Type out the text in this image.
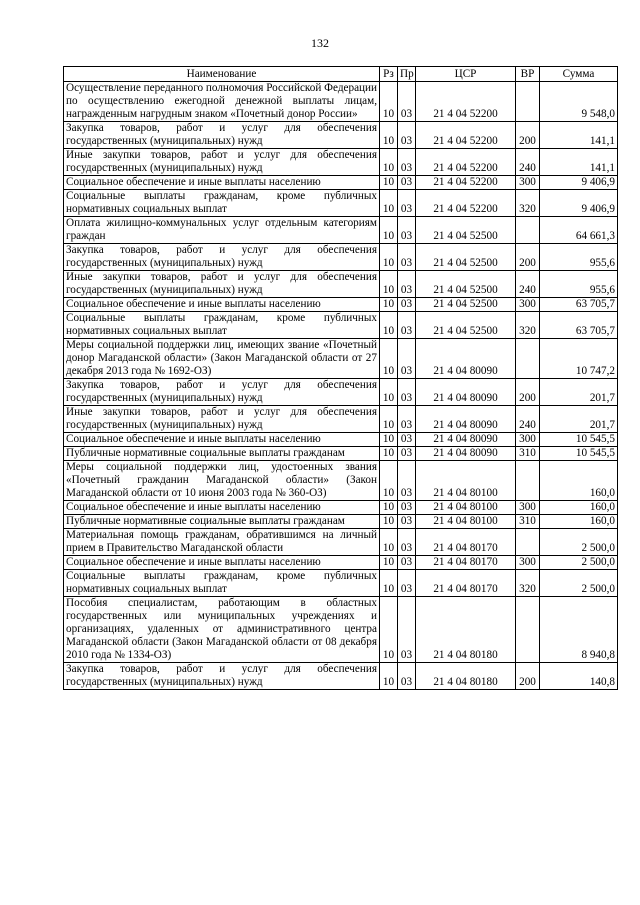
132
Наименование	Рз	Пр	ЦСР	ВР	Сумма
Осуществление переданного полномочия Российской Федерации по осуществлению ежегодной денежной выплаты лицам, награжденным нагрудным знаком «Почетный донор России»	10	03	21 4 04 52200		9 548,0
Закупка товаров, работ и услуг для обеспечения государственных (муниципальных) нужд	10	03	21 4 04 52200	200	141,1
Иные закупки товаров, работ и услуг для обеспечения государственных (муниципальных) нужд	10	03	21 4 04 52200	240	141,1
Социальное обеспечение и иные выплаты населению	10	03	21 4 04 52200	300	9 406,9
Социальные выплаты гражданам, кроме публичных нормативных социальных выплат	10	03	21 4 04 52200	320	9 406,9
Оплата жилищно-коммунальных услуг отдельным категориям граждан	10	03	21 4 04 52500		64 661,3
Закупка товаров, работ и услуг для обеспечения государственных (муниципальных) нужд	10	03	21 4 04 52500	200	955,6
Иные закупки товаров, работ и услуг для обеспечения государственных (муниципальных) нужд	10	03	21 4 04 52500	240	955,6
Социальное обеспечение и иные выплаты населению	10	03	21 4 04 52500	300	63 705,7
Социальные выплаты гражданам, кроме публичных нормативных социальных выплат	10	03	21 4 04 52500	320	63 705,7
Меры социальной поддержки лиц, имеющих звание «Почетный донор Магаданской области» (Закон Магаданской области от 27 декабря 2013 года № 1692-ОЗ)	10	03	21 4 04 80090		10 747,2
Закупка товаров, работ и услуг для обеспечения государственных (муниципальных) нужд	10	03	21 4 04 80090	200	201,7
Иные закупки товаров, работ и услуг для обеспечения государственных (муниципальных) нужд	10	03	21 4 04 80090	240	201,7
Социальное обеспечение и иные выплаты населению	10	03	21 4 04 80090	300	10 545,5
Публичные нормативные социальные выплаты гражданам	10	03	21 4 04 80090	310	10 545,5
Меры социальной поддержки лиц, удостоенных звания «Почетный гражданин Магаданской области» (Закон Магаданской области от 10 июня 2003 года № 360-ОЗ)	10	03	21 4 04 80100		160,0
Социальное обеспечение и иные выплаты населению	10	03	21 4 04 80100	300	160,0
Публичные нормативные социальные выплаты гражданам	10	03	21 4 04 80100	310	160,0
Материальная помощь гражданам, обратившимся на личный прием в Правительство Магаданской области	10	03	21 4 04 80170		2 500,0
Социальное обеспечение и иные выплаты населению	10	03	21 4 04 80170	300	2 500,0
Социальные выплаты гражданам, кроме публичных нормативных социальных выплат	10	03	21 4 04 80170	320	2 500,0
Пособия специалистам, работающим в областных государственных или муниципальных учреждениях и организациях, удаленных от административного центра Магаданской области (Закон Магаданской области от 08 декабря 2010 года № 1334-ОЗ)	10	03	21 4 04 80180		8 940,8
Закупка товаров, работ и услуг для обеспечения государственных (муниципальных) нужд	10	03	21 4 04 80180	200	140,8
